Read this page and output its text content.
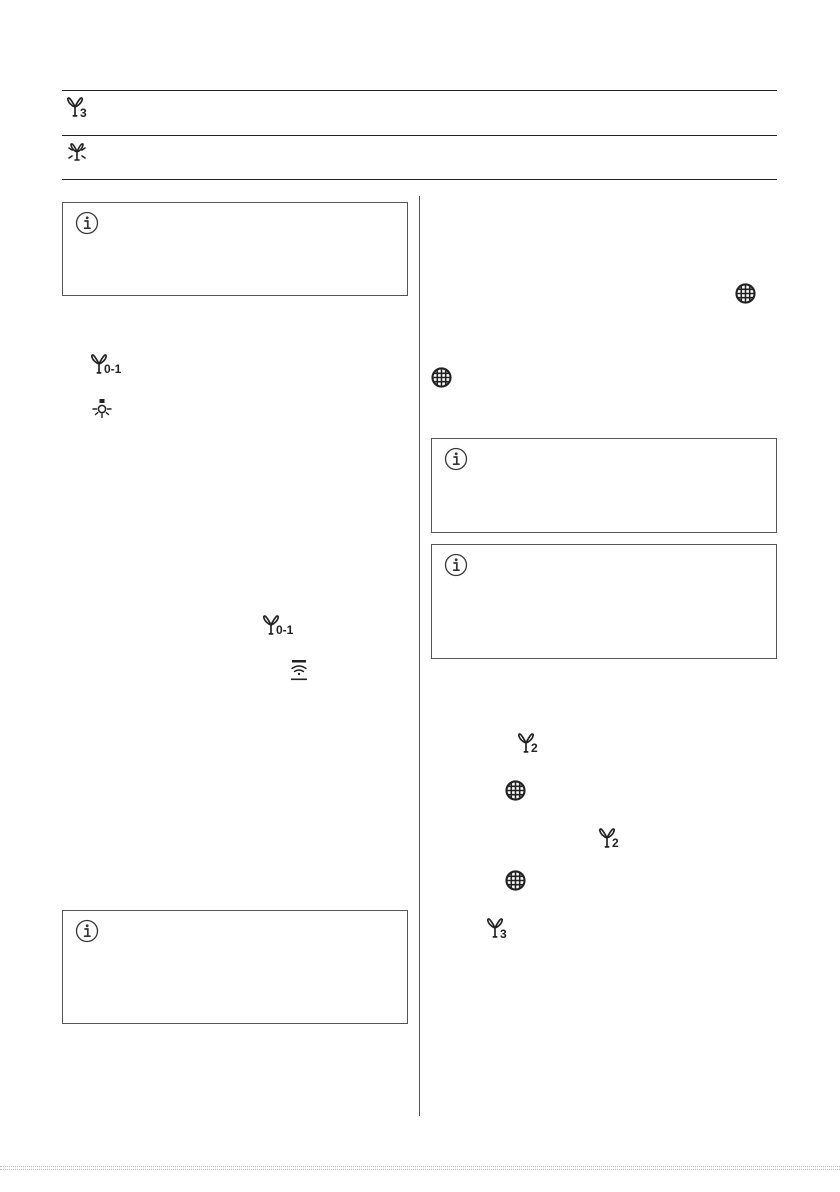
3
0-1
0-1
2
2
3
